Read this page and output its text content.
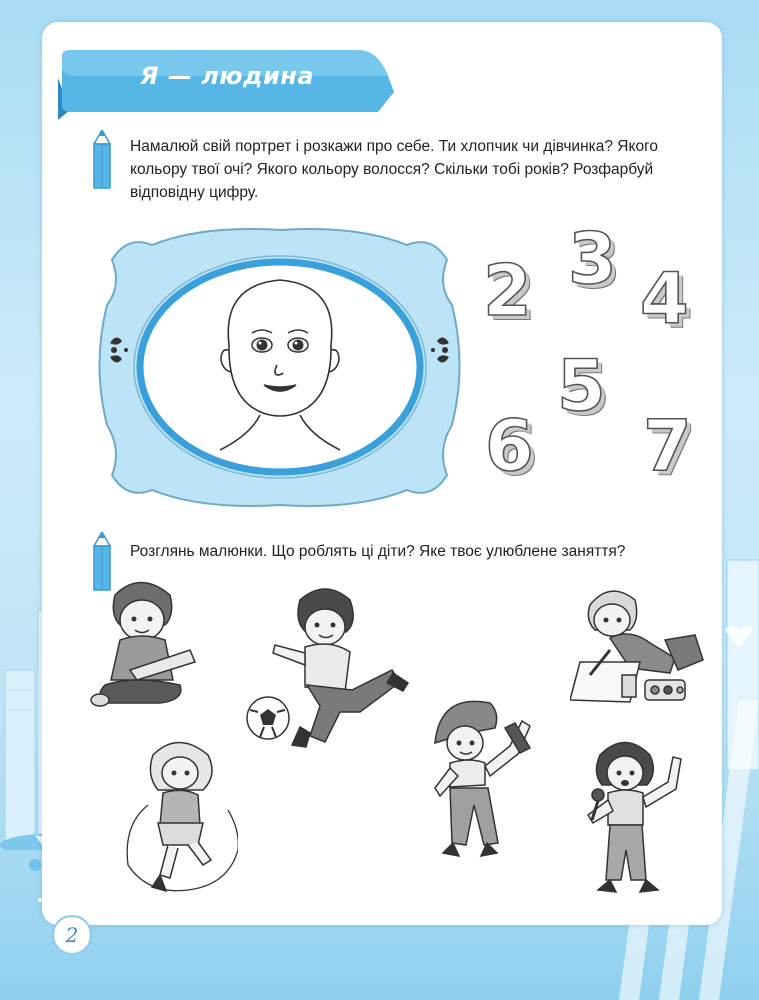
Я — людина
Намалюй свій портрет і розкажи про себе. Ти хлопчик чи дівчинка? Якого кольору твої очі? Якого кольору волосся? Скільки тобі років? Розфарбуй відповідну цифру.
2 3 4
5
6 7
Розглянь малюнки. Що роблять ці діти? Яке твоє улюблене заняття?
2
